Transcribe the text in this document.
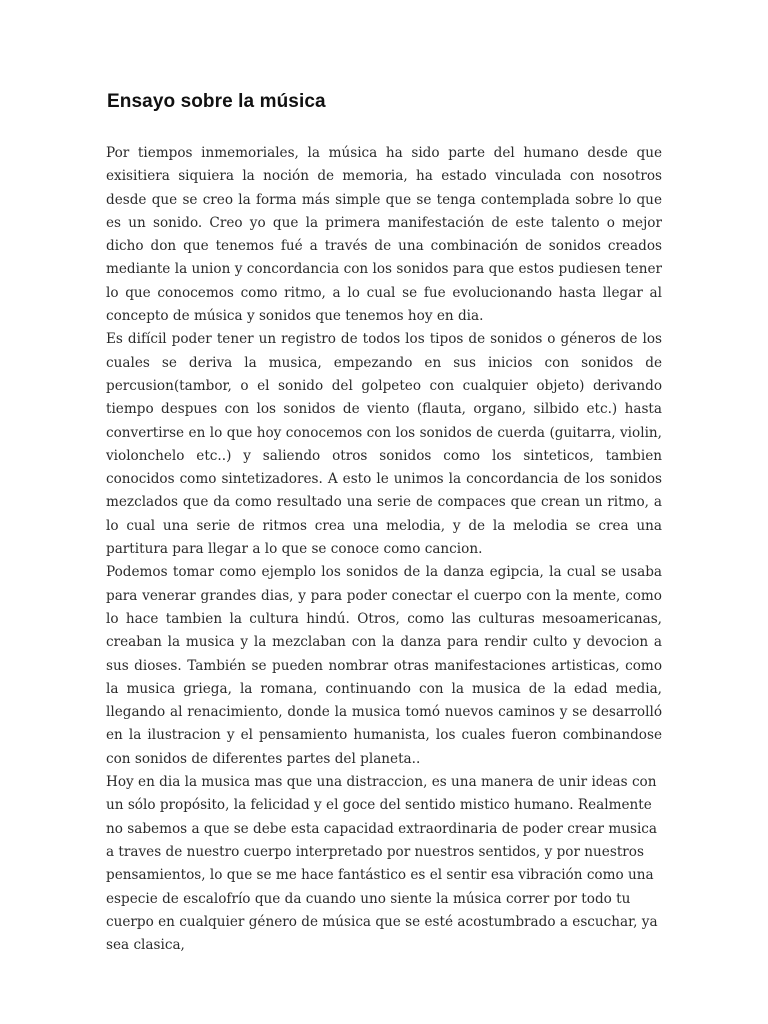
Ensayo sobre la música

Por tiempos inmemoriales, la música ha sido parte del humano desde que exisitiera siquiera la noción de memoria, ha estado vinculada con nosotros desde que se creo la forma más simple que se tenga contemplada sobre lo que es un sonido. Creo yo que la primera manifestación de este talento o mejor dicho don que tenemos fué a través de una combinación de sonidos creados mediante la union y concordancia con los sonidos para que estos pudiesen tener lo que conocemos como ritmo, a lo cual se fue evolucionando hasta llegar al concepto de música y sonidos que tenemos hoy en dia.

Es difícil poder tener un registro de todos los tipos de sonidos o géneros de los cuales se deriva la musica, empezando en sus inicios con sonidos de percusion(tambor, o el sonido del golpeteo con cualquier objeto) derivando tiempo despues con los sonidos de viento (flauta, organo, silbido etc.) hasta convertirse en lo que hoy conocemos con los sonidos de cuerda (guitarra, violin, violonchelo etc..) y saliendo otros sonidos como los sinteticos, tambien conocidos como sintetizadores. A esto le unimos la concordancia de los sonidos mezclados que da como resultado una serie de compaces que crean un ritmo, a lo cual una serie de ritmos crea una melodia, y de la melodia se crea una partitura para llegar a lo que se conoce como cancion.

Podemos tomar como ejemplo los sonidos de la danza egipcia, la cual se usaba para venerar grandes dias, y para poder conectar el cuerpo con la mente, como lo hace tambien la cultura hindú. Otros, como las culturas mesoamericanas, creaban la musica y la mezclaban con la danza para rendir culto y devocion a sus dioses. También se pueden nombrar otras manifestaciones artisticas, como la musica griega, la romana, continuando con la musica de la edad media, llegando al renacimiento, donde la musica tomó nuevos caminos y se desarrolló en la ilustracion y el pensamiento humanista, los cuales fueron combinandose con sonidos de diferentes partes del planeta..

Hoy en dia la musica mas que una distraccion, es una manera de unir ideas con un sólo propósito, la felicidad y el goce del sentido mistico humano. Realmente no sabemos a que se debe esta capacidad extraordinaria de poder crear musica a traves de nuestro cuerpo interpretado por nuestros sentidos, y por nuestros pensamientos, lo que se me hace fantástico es el sentir esa vibración como una especie de escalofrío que da cuando uno siente la música correr por todo tu cuerpo en cualquier género de música que se esté acostumbrado a escuchar, ya sea clasica,
